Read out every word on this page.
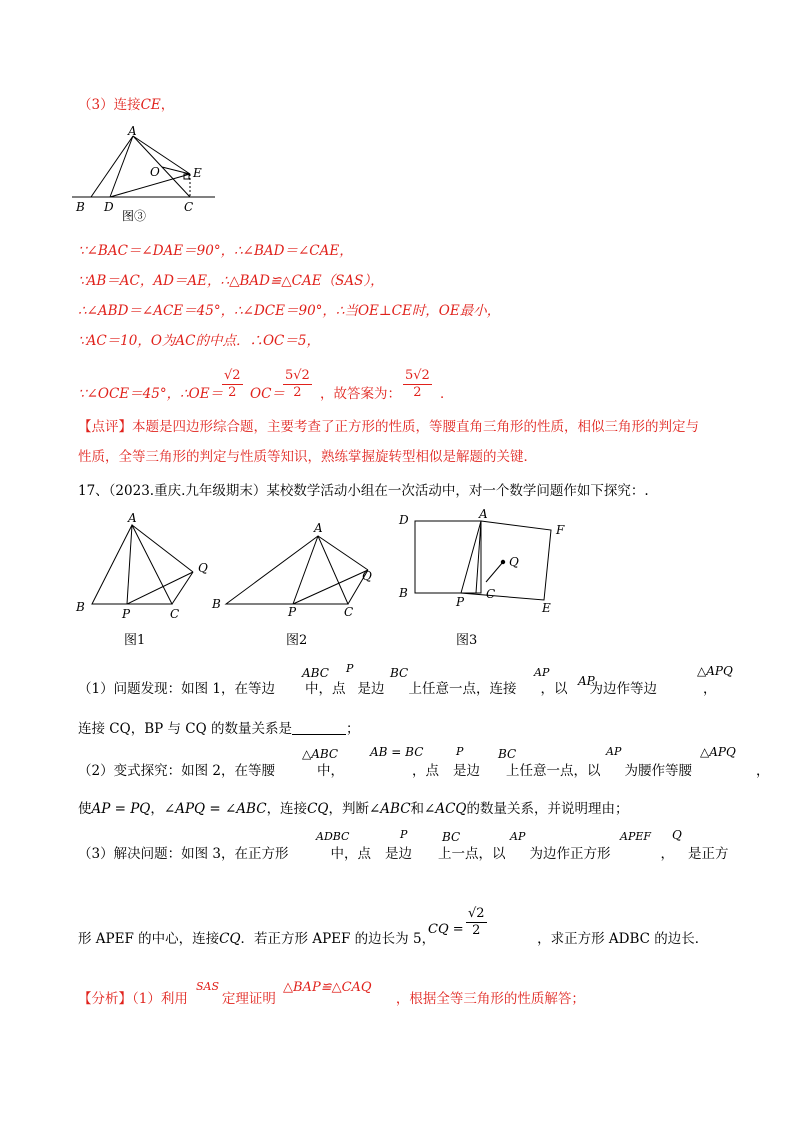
（3）连接CE，
A
O	E
B D	C
图③
∵∠BAC＝∠DAE＝90°，∴∠BAD＝∠CAE，
∵AB＝AC，AD＝AE，∴△BAD≌△CAE（SAS），
∴∠ABD＝∠ACE＝45°，∴∠DCE＝90°，∴当OE⊥CE时，OE最小，
∵AC＝10，O为AC的中点．∴OC＝5，
∵∠OCE＝45°，∴OE＝
$\frac{√2}{2} OC=$
$\frac{5√2}{2}$ ，故答案为： $\frac{5√2}{2}$ ．
【点评】本题是四边形综合题，主要考查了正方形的性质，等腰直角三角形的性质，相似三角形的判定与
性质，全等三角形的判定与性质等知识，熟练掌握旋转型相似是解题的关键．
17、（2023.重庆.九年级期末）某校数学活动小组在一次活动中，对一个数学问题作如下探究：.
A
Q
B	P	C
图1
A
Q
B
P	C
图2
D	A
F
Q
B
P
C
E
图3
（1）问题发现：如图 1，在等边 中，点 是边 上任意一点，连接 ，以 为边作等边	，
ABC P	BC	AP
AP
△APQ
连接 CQ，BP 与 CQ 的数量关系是	；
（2）变式探究：如图 2，在等腰	中，	，点 是边 上任意一点，以 为腰作等腰	，
△ABC	AB = BC	P	BC	AP	△APQ
使AP = PQ，∠APQ = ∠ABC，连接CQ，判断∠ABC和∠ACQ的数量关系，并说明理由；
（3）解决问题：如图 3，在正方形	中，点 是边 上一点，以 为边作正方形	， 是正方
ADBC	P	BC	AP	APEF Q
形 APEF 的中心，连接CQ．若正方形 APEF 的边长为 5，	，求正方形 ADBC 的边长．
CQ = $\frac{√2}{2}$
【分析】（1）利用	定理证明	，根据全等三角形的性质解答；
SAS	△BAP≌△CAQ
